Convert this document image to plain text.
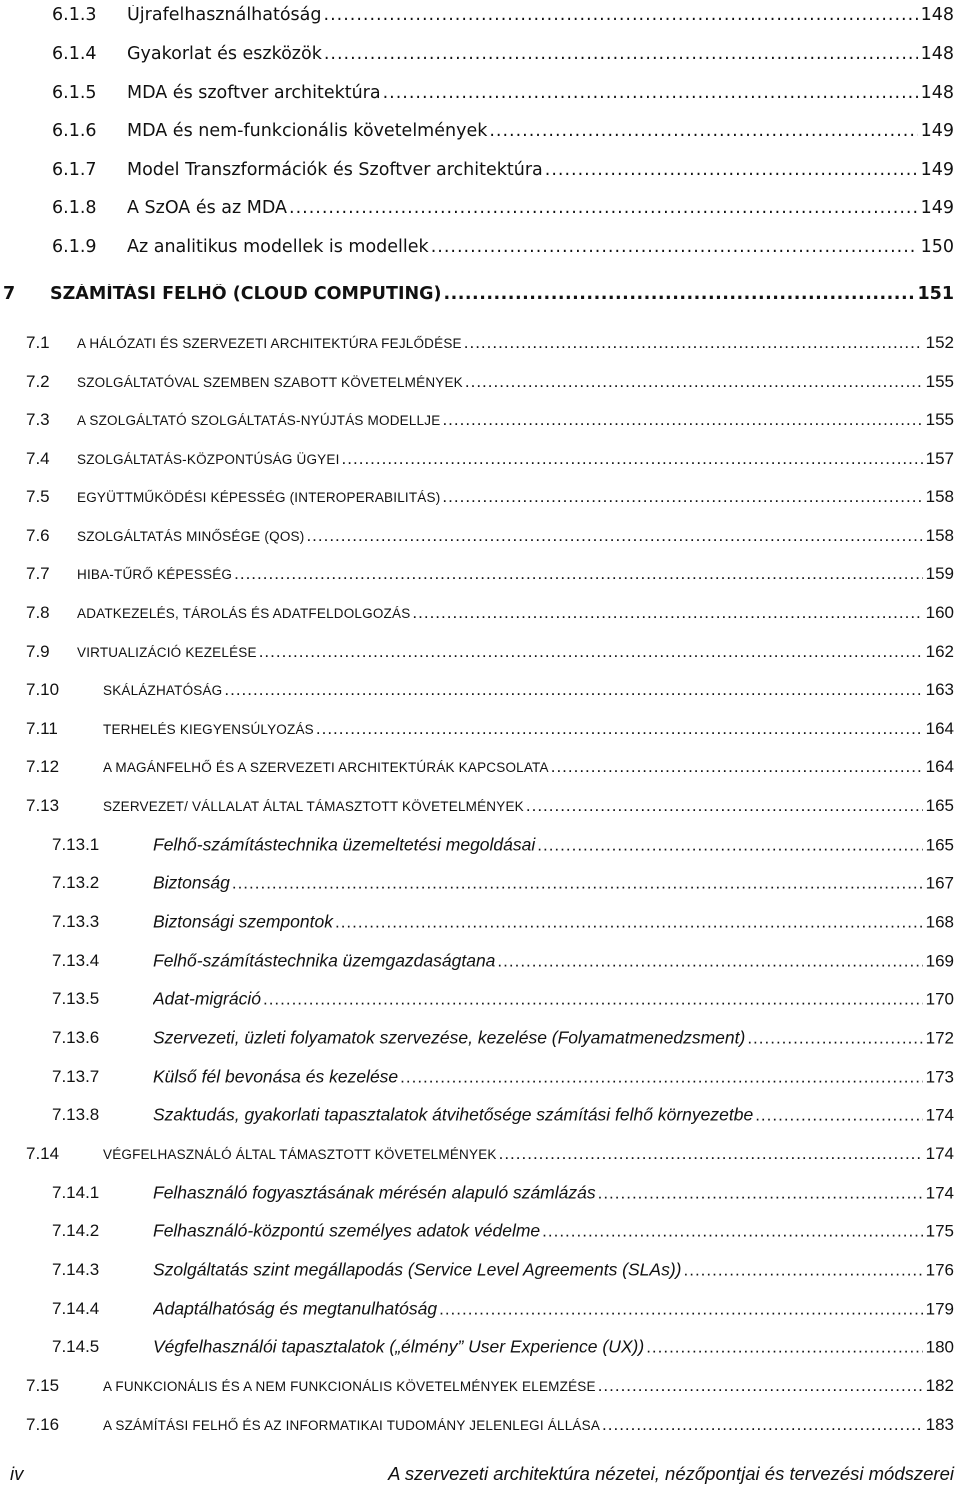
6.1.3 Újrafelhasználhatóság .....	148
6.1.4 Gyakorlat és eszközök .....	148
6.1.5 MDA és szoftver architektúra .....	148
6.1.6 MDA és nem-funkcionális követelmények .....	149
6.1.7 Model Transzformációk és Szoftver architektúra .....	149
6.1.8 A SzOA és az MDA .....	149
6.1.9 Az analitikus modellek is modellek .....	150
7 SZÁMÍTÁSI FELHŐ (CLOUD COMPUTING) .....	151
7.1 A HÁLÓZATI ÉS SZERVEZETI ARCHITEKTÚRA FEJLŐDÉSE .....	152
7.2 SZOLGÁLTATÓVAL SZEMBEN SZABOTT KÖVETELMÉNYEK .....	155
7.3 A SZOLGÁLTATÓ SZOLGÁLTATÁS-NYÚJTÁS MODELLJE .....	155
7.4 SZOLGÁLTATÁS-KÖZPONTÚSÁG ÜGYEI .....	157
7.5 EGYÜTTMŰKÖDÉSI KÉPESSÉG (INTEROPERABILITÁS) .....	158
7.6 SZOLGÁLTATÁS MINŐSÉGE (QOS) .....	158
7.7 HIBA-TŰRŐ KÉPESSÉG .....	159
7.8 ADATKEZELÉS, TÁROLÁS ÉS ADATFELDOLGOZÁS .....	160
7.9 VIRTUALIZÁCIÓ KEZELÉSE .....	162
7.10	SKÁLÁZHATÓSÁG .....	163
7.11	TERHELÉS KIEGYENSÚLYOZÁS .....	164
7.12	A MAGÁNFELHŐ ÉS A SZERVEZETI ARCHITEKTÚRÁK KAPCSOLATA .....	164
7.13	SZERVEZET/ VÁLLALAT ÁLTAL TÁMASZTOTT KÖVETELMÉNYEK .....	165
7.13.1	Felhő-számítástechnika üzemeltetési megoldásai .....	165
7.13.2	Biztonság .....	167
7.13.3	Biztonsági szempontok .....	168
7.13.4	Felhő-számítástechnika üzemgazdaságtana .....	169
7.13.5	Adat-migráció .....	170
7.13.6	Szervezeti, üzleti folyamatok szervezése, kezelése (Folyamatmenedzsment) .....	172
7.13.7	Külső fél bevonása és kezelése .....	173
7.13.8	Szaktudás, gyakorlati tapasztalatok átvihetősége számítási felhő környezetbe .....	174
7.14	VÉGFELHASZNÁLÓ ÁLTAL TÁMASZTOTT KÖVETELMÉNYEK .....	174
7.14.1	Felhasználó fogyasztásának mérésén alapuló számlázás .....	174
7.14.2	Felhasználó-központú személyes adatok védelme .....	175
7.14.3	Szolgáltatás szint megállapodás (Service Level Agreements (SLAs)) .....	176
7.14.4	Adaptálhatóság és megtanulhatóság .....	179
7.14.5	Végfelhasználói tapasztalatok („élmény” User Experience (UX)) .....	180
7.15	A FUNKCIONÁLIS ÉS A NEM FUNKCIONÁLIS KÖVETELMÉNYEK ELEMZÉSE .....	182
7.16	A SZÁMÍTÁSI FELHŐ ÉS AZ INFORMATIKAI TUDOMÁNY JELENLEGI ÁLLÁSA .....	183
iv	A szervezeti architektúra nézetei, nézőpontjai és tervezési módszerei
